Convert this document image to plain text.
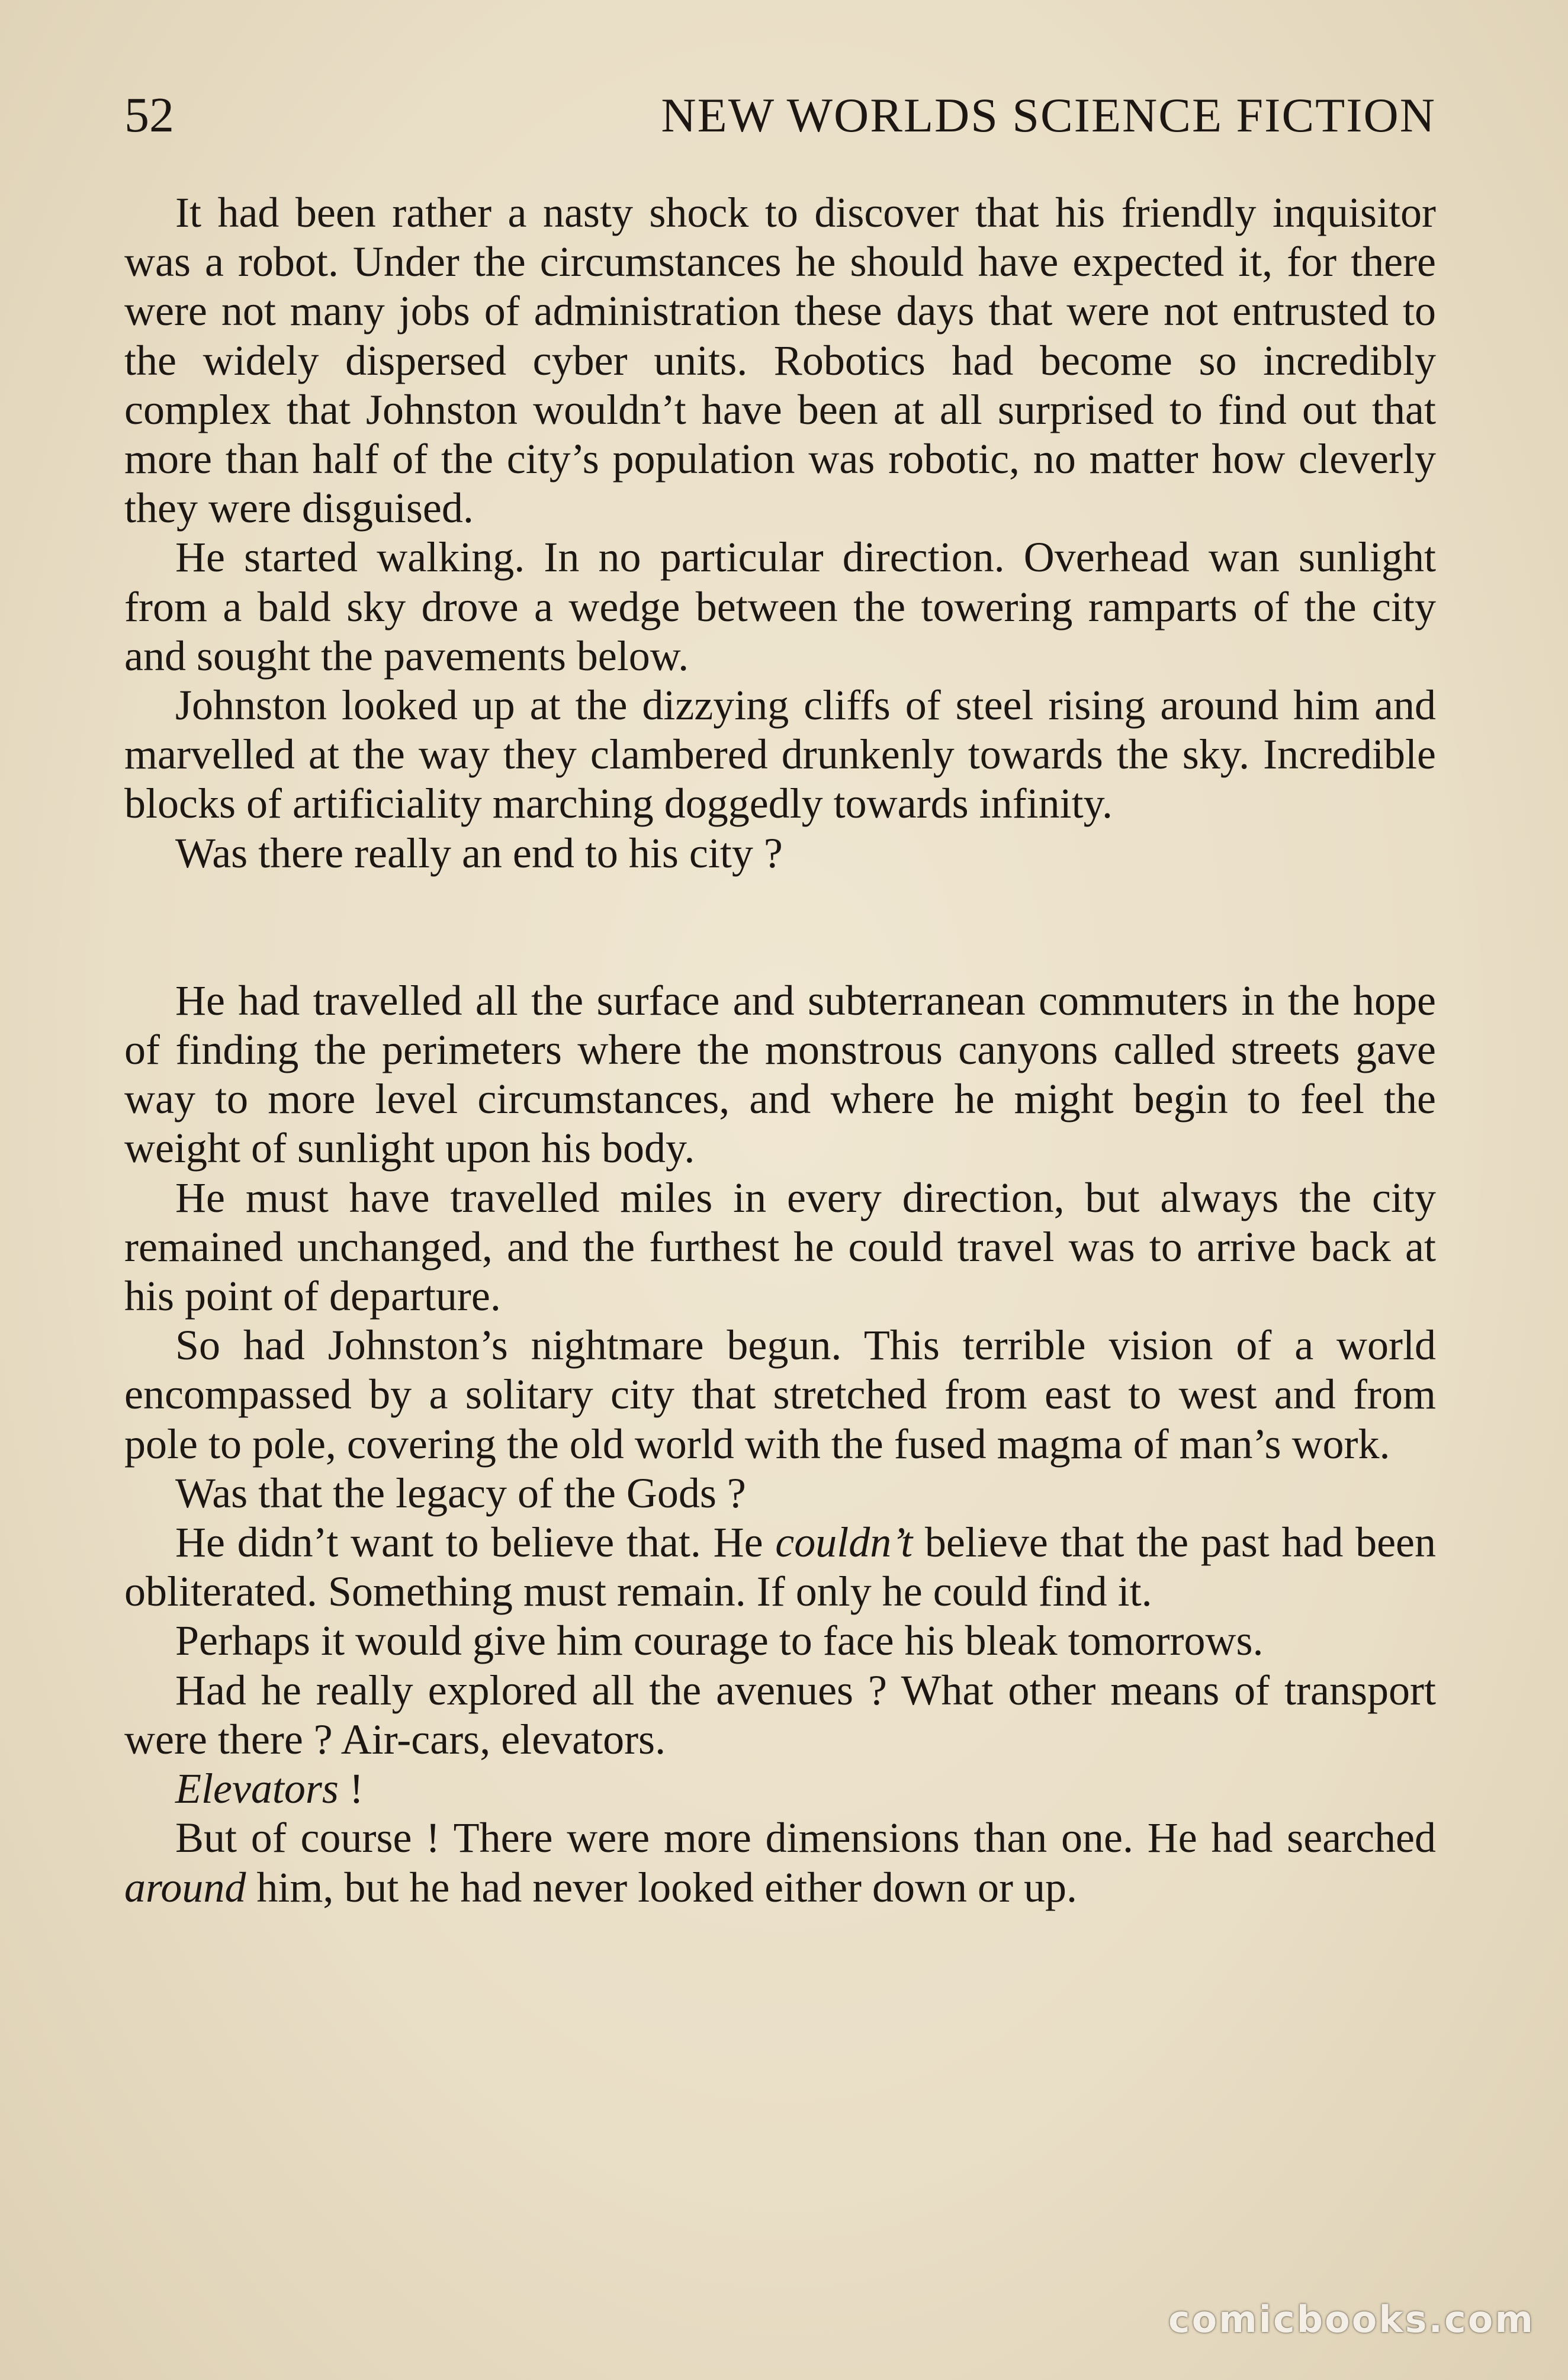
52	NEW WORLDS SCIENCE FICTION

It had been rather a nasty shock to discover that his friendly inquisitor was a robot. Under the circumstances he should have expected it, for there were not many jobs of administration these days that were not entrusted to the widely dispersed cyber units. Robotics had become so incredibly complex that Johnston wouldn’t have been at all surprised to find out that more than half of the city’s population was robotic, no matter how cleverly they were disguised.

He started walking. In no particular direction. Overhead wan sunlight from a bald sky drove a wedge between the towering ramparts of the city and sought the pavements below.

Johnston looked up at the dizzying cliffs of steel rising around him and marvelled at the way they clambered drunkenly towards the sky. Incredible blocks of artificiality marching doggedly towards infinity.

Was there really an end to his city ?

He had travelled all the surface and subterranean commuters in the hope of finding the perimeters where the monstrous canyons called streets gave way to more level circumstances, and where he might begin to feel the weight of sunlight upon his body.

He must have travelled miles in every direction, but always the city remained unchanged, and the furthest he could travel was to arrive back at his point of departure.

So had Johnston’s nightmare begun. This terrible vision of a world encompassed by a solitary city that stretched from east to west and from pole to pole, covering the old world with the fused magma of man’s work.

Was that the legacy of the Gods ?

He didn’t want to believe that. He couldn’t believe that the past had been obliterated. Something must remain. If only he could find it.

Perhaps it would give him courage to face his bleak tomorrows.

Had he really explored all the avenues ? What other means of transport were there ? Air-cars, elevators.

Elevators !

But of course ! There were more dimensions than one. He had searched around him, but he had never looked either down or up.

comicbooks.com
